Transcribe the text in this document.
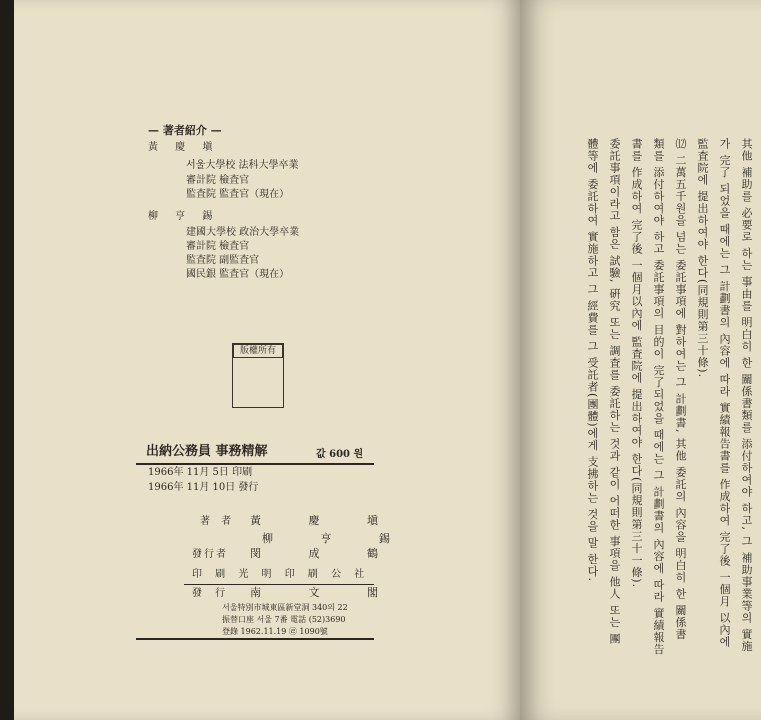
— 著者紹介 —
黃 慶 塡
서울大學校 法科大學卒業
審計院 檢査官
監査院 監査官（現在）
柳 亨 錫
建國大學校 政治大學卒業
審計院 檢査官
監査院 副監査官
國民銀 監査官（現在）
版權所有
出納公務員 事務精解	값 600 원
1966年 11月 5日 印刷
1966年 11月 10日 發行
著 者 黃 慶 塡
柳 亨 錫
發行者 閔 成 鶴
印 刷 光 明 印 刷 公 社
發 行 南 文 閣
서울特別市城東區新堂洞 340의 22
振替口座 서울 7番 電話 (52)3690
登錄 1962.11.19 ㉣ 1090號	其他 補助를 必要로 하는 事由를 明白히 한 關係書類를 添付하여야 하고, 그 補助事業等의 實施
가 完了 되었을 때에는 그 計劃書의 內容에 따라 實績報告書를 作成하여 完了後 一個月 以內에
監査院에 提出하여야 한다(同規則第三十條).
⑿ 二萬五千원을 넘는 委託事項에 對하여는 그 計劃書, 其他 委託의 內容을 明白히 한 關係書
類를 添付하여야 하고 委託事項의 目的이 完了되었을 때에는 그 計劃書의 內容에 따라 實績報告
書를 作成하여 完了後 一個月以內에 監査院에 提出하여야 한다(同規則第三十一條).
委託事項이라고 함은 試驗, 硏究 또는 調査를 委託하는 것과 같이 어떠한 事項을 他人 또는 團
體等에 委託하여 實施하고 그 經費를 그 受託者(團體)에게 支拂하는 것을 말 한다.
